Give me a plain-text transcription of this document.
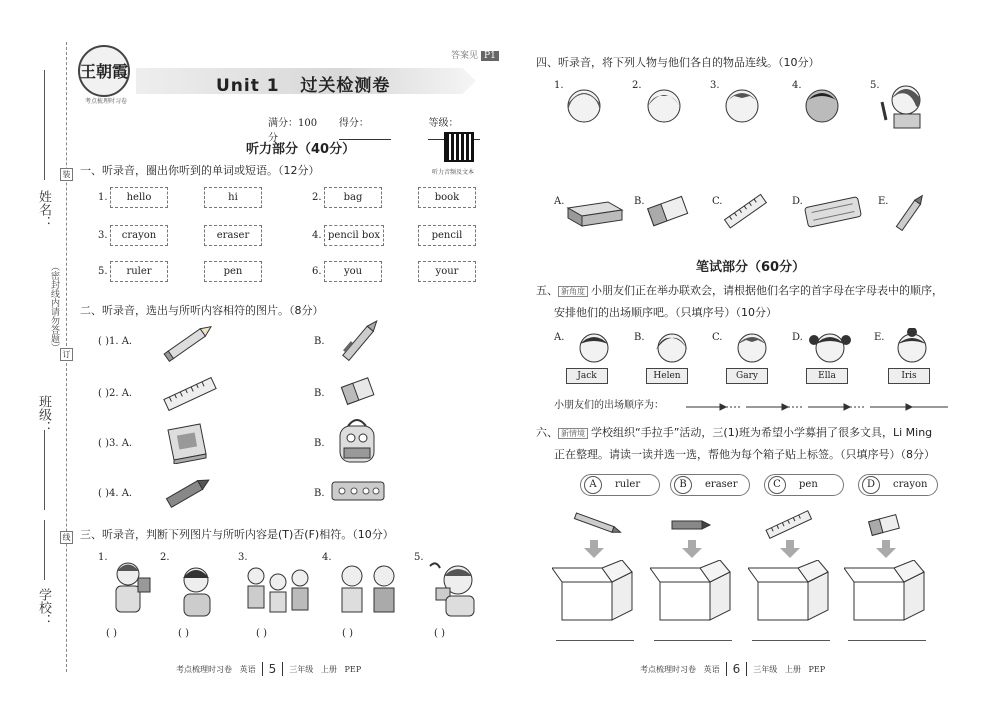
姓名：
（密封线内请勿答题）
班级：
学校：
装
订
线
王朝霞
考点梳理时习卷
Unit 1   过关检测卷
答案见 P1
满分：100 分
得分：	等级：
听力音频及文本
听力部分（40分）
一、听录音，圈出你听到的单词或短语。（12分）
1.	hello	hi	2.	bag	book
3.	crayon	eraser	4. pencil box	pencil
5.	ruler	pen	6.	you	your
二、听录音，选出与所听内容相符的图片。（8分）
( )1. A.	B.
( )2. A.	B.
( )3. A.	B.
( )4. A.	B.
三、听录音，判断下列图片与所听内容是(T)否(F)相符。（10分）
1.
( )
2.
( )
3.
( )
4.
( )
5.
( )
考点梳理时习卷   英语	5	三年级   上册   PEP
四、听录音，将下列人物与他们各自的物品连线。（10分）
1.	2.	3.	4.	5.
A.	B.	C.	D.	E.
笔试部分（60分）
五、 新角度 小朋友们正在举办联欢会，请根据他们名字的首字母在字母表中的顺序，
安排他们的出场顺序吧。（只填序号）（10分）
A.
Jack
B.
Helen
C.
Gary
D.
Ella
E.
Iris
小朋友们的出场顺序为：
六、 新情境 学校组织“手拉手”活动，三(1)班为希望小学募捐了很多文具，Li Ming
正在整理。请读一读并选一选，帮他为每个箱子贴上标签。（只填序号）（8分）
A	ruler	B	eraser	C	pen	D	crayon
考点梳理时习卷   英语	6	三年级   上册   PEP
